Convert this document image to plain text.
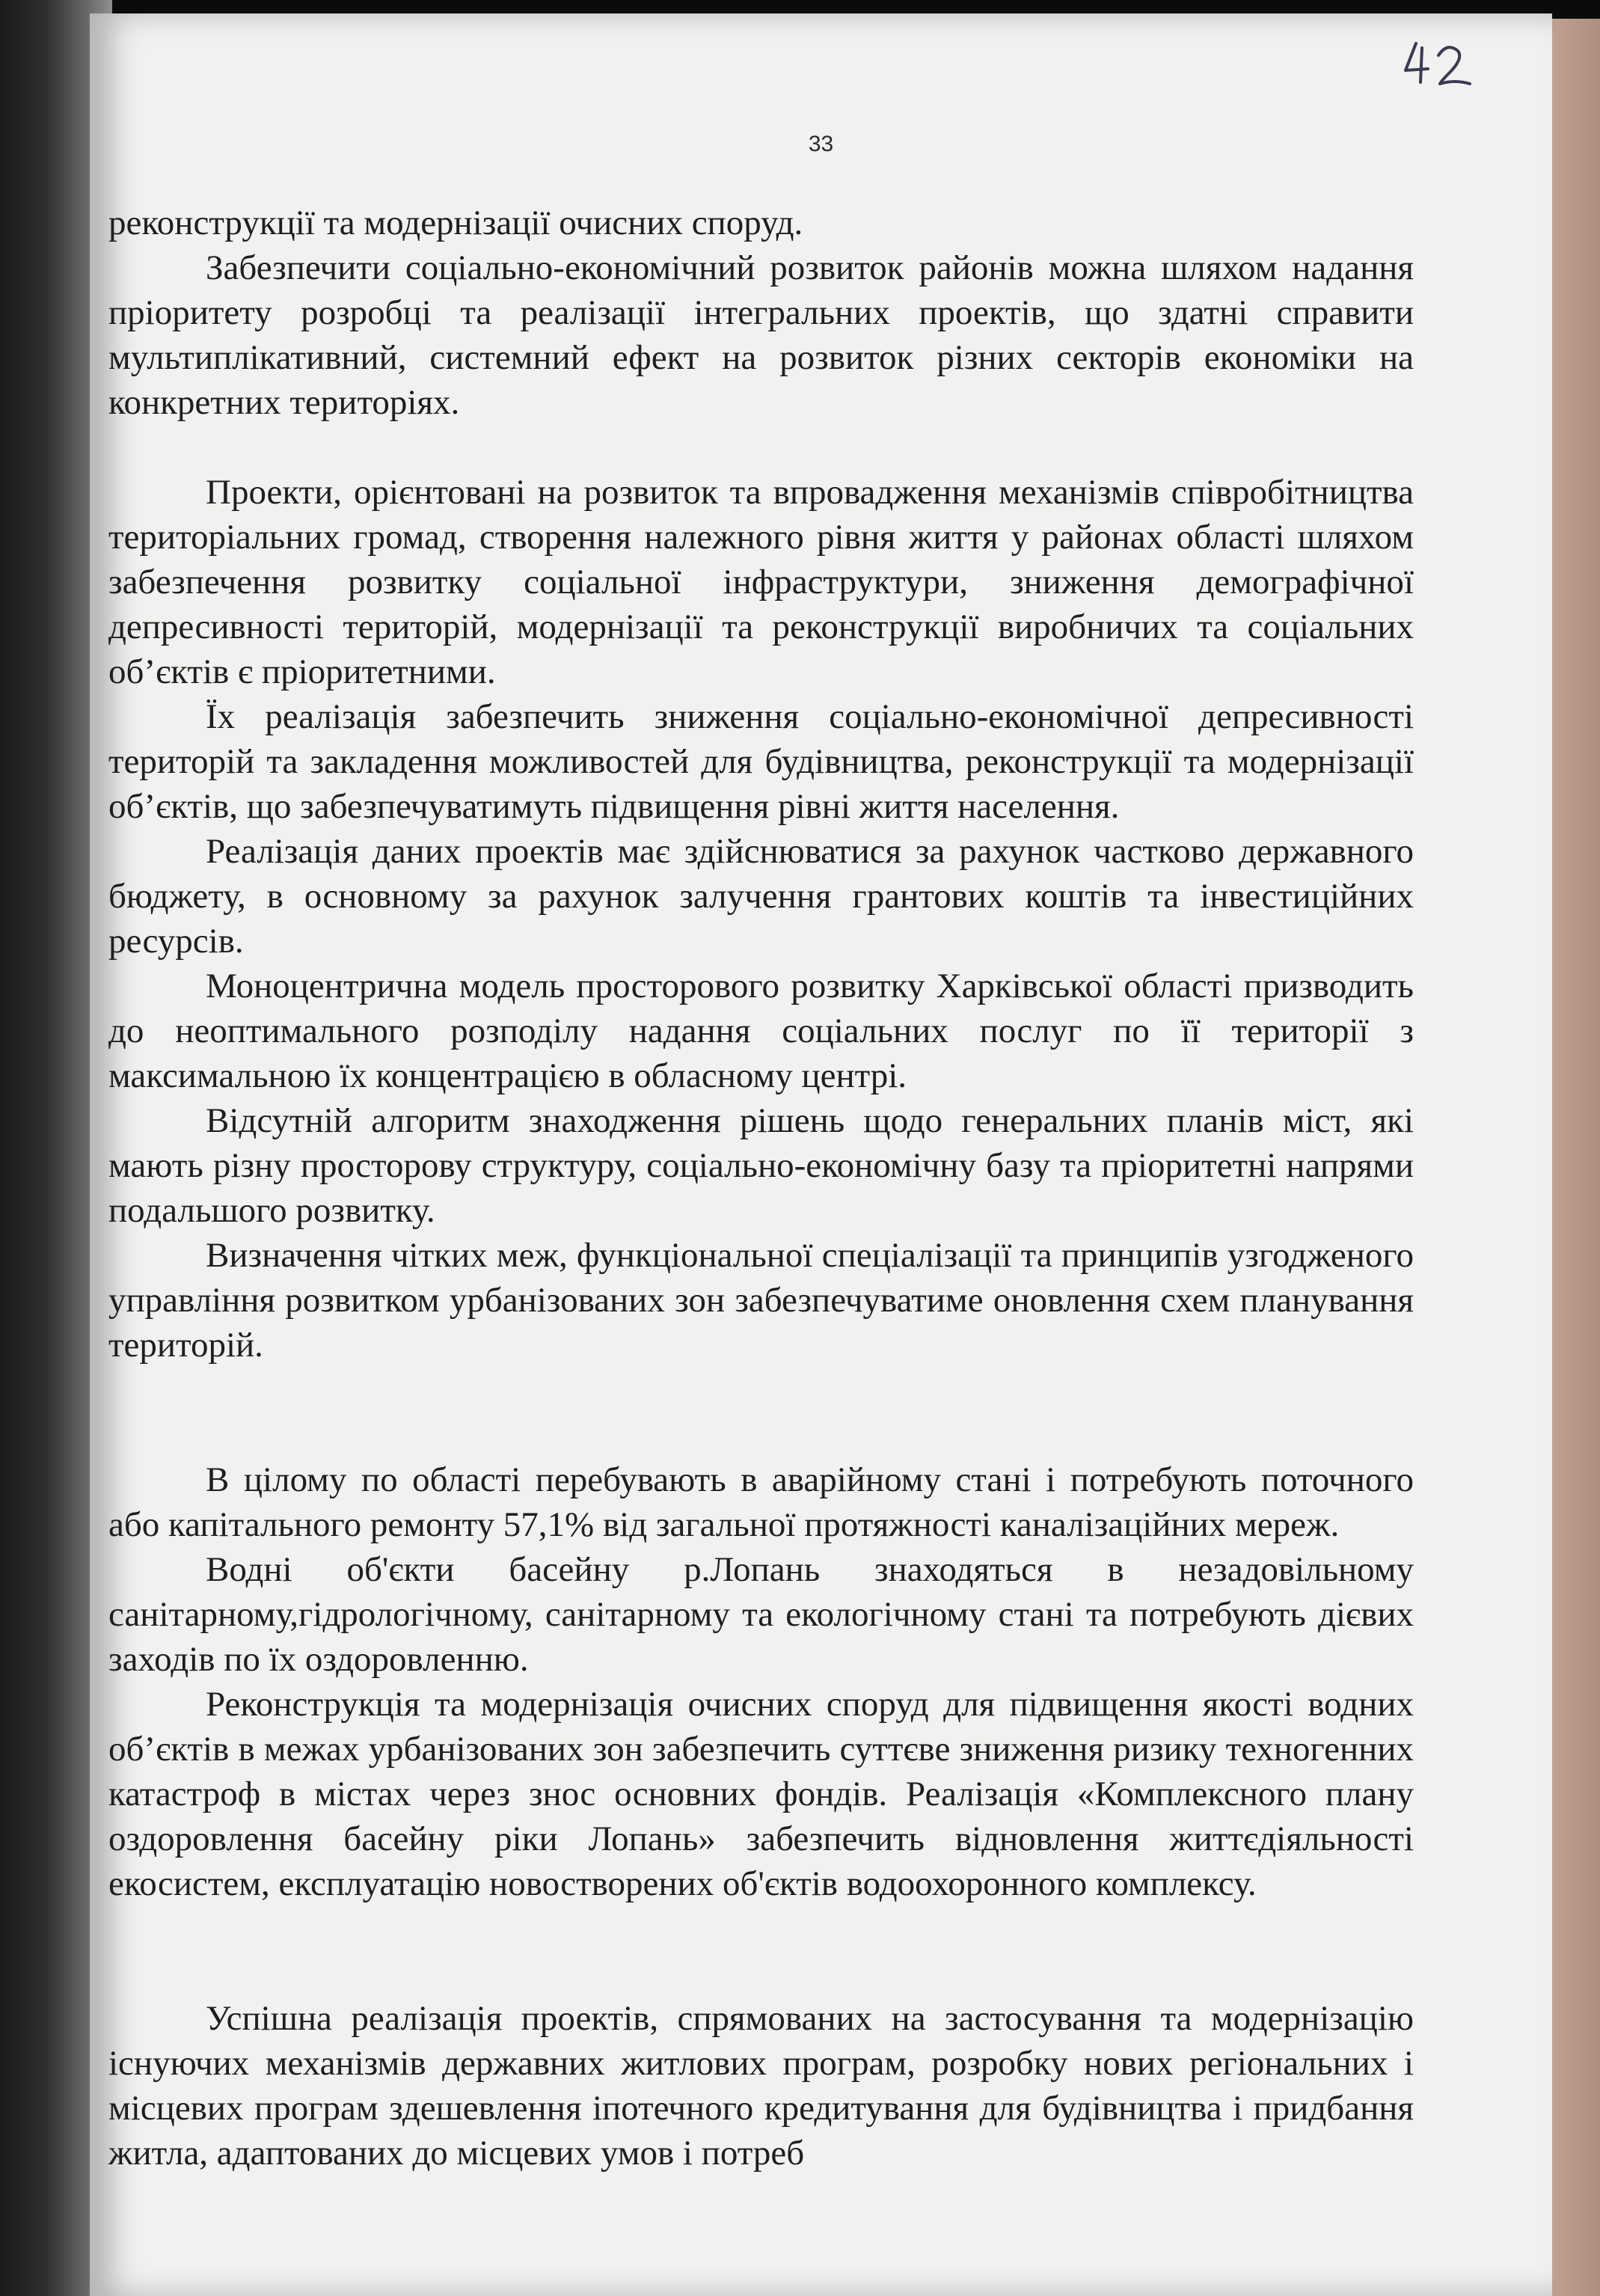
33

реконструкції та модернізації очисних споруд.

Забезпечити соціально-економічний розвиток районів можна шляхом надання пріоритету розробці та реалізації інтегральних проектів, що здатні справити мультиплікативний, системний ефект на розвиток різних секторів економіки на конкретних територіях.

Проекти, орієнтовані на розвиток та впровадження механізмів співробітництва територіальних громад, створення належного рівня життя у районах області шляхом забезпечення розвитку соціальної інфраструктури, зниження демографічної депресивності територій, модернізації та реконструкції виробничих та соціальних об’єктів є пріоритетними.

Їх реалізація забезпечить зниження соціально-економічної депресивності територій та закладення можливостей для будівництва, реконструкції та модернізації об’єктів, що забезпечуватимуть підвищення рівні життя населення.

Реалізація даних проектів має здійснюватися за рахунок частково державного бюджету, в основному за рахунок залучення грантових коштів та інвестиційних ресурсів.

Моноцентрична модель просторового розвитку Харківської області призводить до неоптимального розподілу надання соціальних послуг по її території з максимальною їх концентрацією в обласному центрі.

Відсутній алгоритм знаходження рішень щодо генеральних планів міст, які мають різну просторову структуру, соціально-економічну базу та пріоритетні напрями подальшого розвитку.

Визначення чітких меж, функціональної спеціалізації та принципів узгодженого управління розвитком урбанізованих зон забезпечуватиме оновлення схем планування територій.

В цілому по області перебувають в аварійному стані і потребують поточного або капітального ремонту 57,1% від загальної протяжності каналізаційних мереж.

Водні об'єкти басейну р.Лопань знаходяться в незадовільному санітарному,гідрологічному, санітарному та екологічному стані та потребують дієвих заходів по їх оздоровленню.

Реконструкція та модернізація очисних споруд для підвищення якості водних об’єктів в межах урбанізованих зон забезпечить суттєве зниження ризику техногенних катастроф в містах через знос основних фондів. Реалізація «Комплексного плану оздоровлення басейну ріки Лопань» забезпечить відновлення життєдіяльності екосистем, експлуатацію новостворених об'єктів водоохоронного комплексу.

Успішна реалізація проектів, спрямованих на застосування та модернізацію існуючих механізмів державних житлових програм, розробку нових регіональних і місцевих програм здешевлення іпотечного кредитування для будівництва і придбання житла, адаптованих до місцевих умов і потреб
